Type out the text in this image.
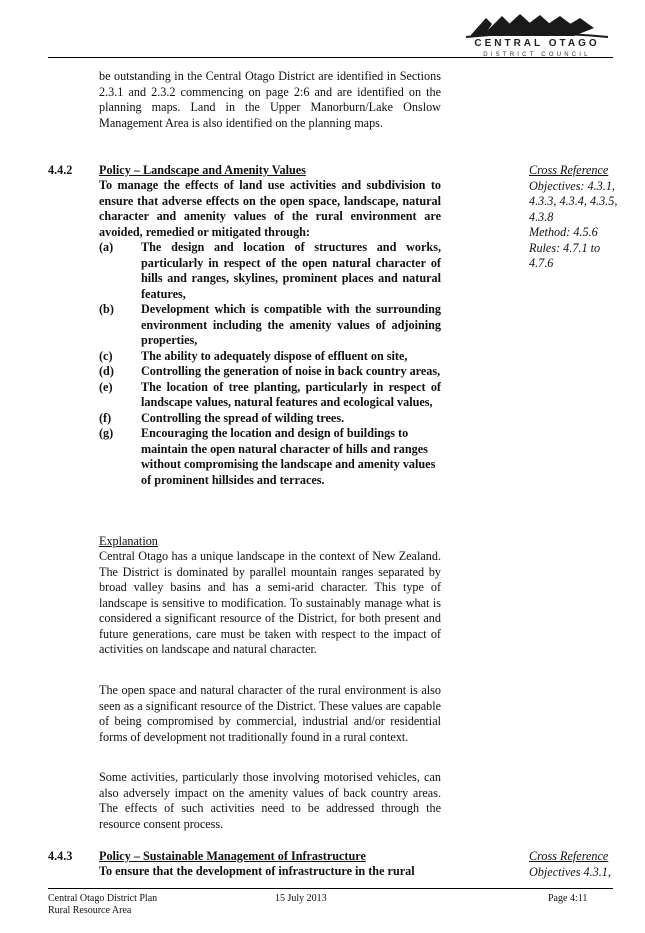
CENTRAL OTAGO
DISTRICT COUNCIL
be outstanding in the Central Otago District are identified in Sections 2.3.1 and 2.3.2 commencing on page 2:6 and are identified on the planning maps. Land in the Upper Manorburn/Lake Onslow Management Area is also identified on the planning maps.
4.4.2 Policy – Landscape and Amenity Values
To manage the effects of land use activities and subdivision to ensure that adverse effects on the open space, landscape, natural character and amenity values of the rural environment are avoided, remedied or mitigated through:
(a)	The design and location of structures and works, particularly in respect of the open natural character of hills and ranges, skylines, prominent places and natural features,
(b)	Development which is compatible with the surrounding environment including the amenity values of adjoining properties,
(c)	The ability to adequately dispose of effluent on site,
(d)	Controlling the generation of noise in back country areas,
(e)	The location of tree planting, particularly in respect of landscape values, natural features and ecological values,
(f)	Controlling the spread of wilding trees.
(g)	Encouraging the location and design of buildings to maintain the open natural character of hills and ranges without compromising the landscape and amenity values of prominent hillsides and terraces.
Explanation
Central Otago has a unique landscape in the context of New Zealand. The District is dominated by parallel mountain ranges separated by broad valley basins and has a semi-arid character. This type of landscape is sensitive to modification. To sustainably manage what is considered a significant resource of the District, for both present and future generations, care must be taken with respect to the impact of activities on landscape and natural character.
The open space and natural character of the rural environment is also seen as a significant resource of the District. These values are capable of being compromised by commercial, industrial and/or residential forms of development not traditionally found in a rural context.
Some activities, particularly those involving motorised vehicles, can also adversely impact on the amenity values of back country areas. The effects of such activities need to be addressed through the resource consent process.
Cross Reference
Objectives: 4.3.1,
4.3.3, 4.3.4, 4.3.5,
4.3.8
Method: 4.5.6
Rules: 4.7.1 to
4.7.6
4.4.3 Policy – Sustainable Management of Infrastructure
To ensure that the development of infrastructure in the rural
Cross Reference
Objectives 4.3.1,
Central Otago District Plan
Rural Resource Area
15 July 2013	Page 4:11
